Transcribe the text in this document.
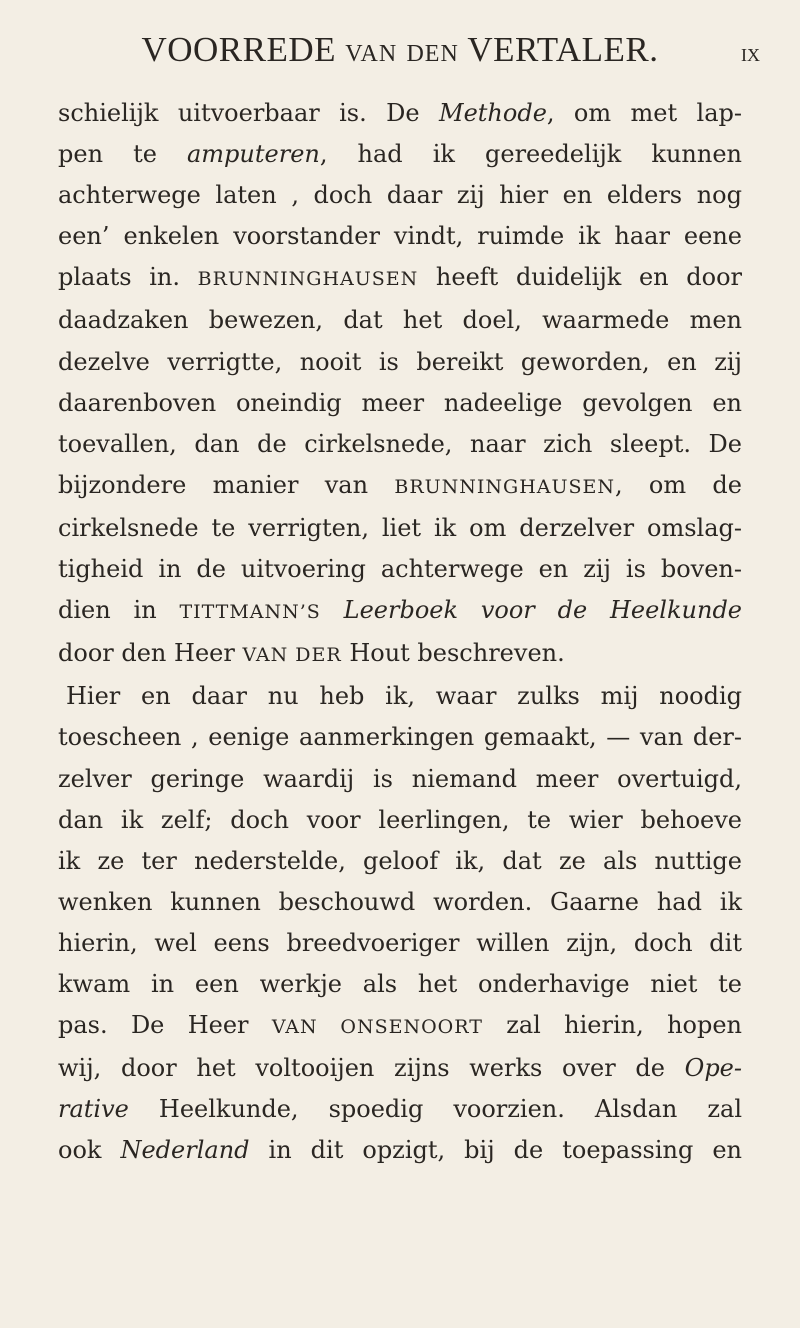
VOORREDE VAN DEN VERTALER.	ix
schielijk uitvoerbaar is. De Methode, om met lap-
pen te amputeren, had ik gereedelijk kunnen
achterwege laten , doch daar zij hier en elders nog
een’ enkelen voorstander vindt, ruimde ik haar eene
plaats in. BRUNNINGHAUSEN heeft duidelijk en door
daadzaken bewezen, dat het doel, waarmede men
dezelve verrigtte, nooit is bereikt geworden, en zij
daarenboven oneindig meer nadeelige gevolgen en
toevallen, dan de cirkelsnede, naar zich sleept. De
bijzondere manier van BRUNNINGHAUSEN, om de
cirkelsnede te verrigten, liet ik om derzelver omslag-
tigheid in de uitvoering achterwege en zij is boven-
dien in TITTMANN’S Leerboek voor de Heelkunde
door den Heer VAN DER Hout beschreven.
Hier en daar nu heb ik, waar zulks mij noodig
toescheen , eenige aanmerkingen gemaakt, — van der-
zelver geringe waardij is niemand meer overtuigd,
dan ik zelf; doch voor leerlingen, te wier behoeve
ik ze ter nederstelde, geloof ik, dat ze als nuttige
wenken kunnen beschouwd worden. Gaarne had ik
hierin, wel eens breedvoeriger willen zijn, doch dit
kwam in een werkje als het onderhavige niet te
pas. De Heer VAN ONSENOORT zal hierin, hopen
wij, door het voltooijen zijns werks over de Ope-
rative Heelkunde, spoedig voorzien. Alsdan zal
ook Nederland in dit opzigt, bij de toepassing en
